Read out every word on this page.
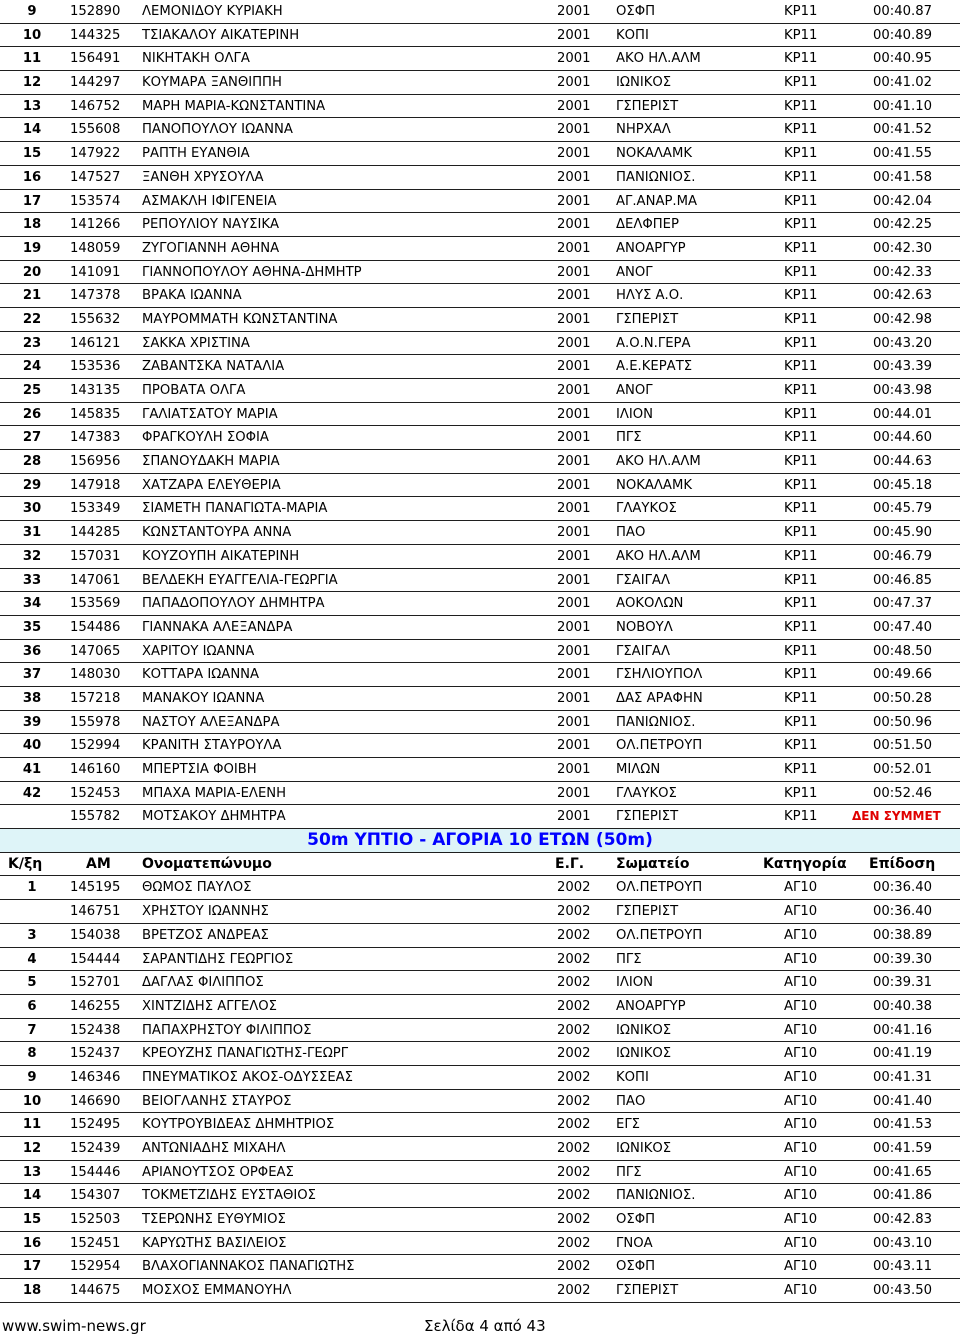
9	152890 ΛΕΜΟΝΙΔΟΥ ΚΥΡΙΑΚΗ	2001 ΟΣΦΠ	ΚΡ11	00:40.87
10 144325 ΤΣΙΑΚΑΛΟΥ ΑΙΚΑΤΕΡΙΝΗ	2001 ΚΟΠΙ	ΚΡ11	00:40.89
11 156491 ΝΙΚΗΤΑΚΗ ΟΛΓΑ	2001 ΑΚΟ ΗΛ.ΑΛΜ	ΚΡ11	00:40.95
12 144297 ΚΟΥΜΑΡΑ ΞΑΝΘΙΠΠΗ	2001 ΙΩΝΙΚΟΣ	ΚΡ11	00:41.02
13 146752 ΜΑΡΗ ΜΑΡΙΑ-ΚΩΝΣΤΑΝΤΙΝΑ	2001 ΓΣΠΕΡΙΣΤ	ΚΡ11	00:41.10
14 155608 ΠΑΝΟΠΟΥΛΟΥ ΙΩΑΝΝΑ	2001 ΝΗΡΧΑΛ	ΚΡ11	00:41.52
15 147922 ΡΑΠΤΗ ΕΥΑΝΘΙΑ	2001 ΝΟΚΑΛΑΜΚ	ΚΡ11	00:41.55
16 147527 ΞΑΝΘΗ ΧΡΥΣΟΥΛΑ	2001 ΠΑΝΙΩΝΙΟΣ.	ΚΡ11	00:41.58
17 153574 ΑΣΜΑΚΛΗ ΙΦΙΓΕΝΕΙΑ	2001 ΑΓ.ΑΝΑΡ.ΜΑ	ΚΡ11	00:42.04
18 141266 ΡΕΠΟΥΛΙΟΥ ΝΑΥΣΙΚΑ	2001 ΔΕΛΦΠΕΡ	ΚΡ11	00:42.25
19 148059 ΖΥΓΟΓΙΑΝΝΗ ΑΘΗΝΑ	2001 ΑΝΟΑΡΓΥΡ	ΚΡ11	00:42.30
20 141091 ΓΙΑΝΝΟΠΟΥΛΟΥ ΑΘΗΝΑ-ΔΗΜΗΤΡ	2001 ΑΝΟΓ	ΚΡ11	00:42.33
21 147378 ΒΡΑΚΑ ΙΩΑΝΝΑ	2001 ΗΛΥΣ Α.Ο.	ΚΡ11	00:42.63
22 155632 ΜΑΥΡΟΜΜΑΤΗ ΚΩΝΣΤΑΝΤΙΝΑ	2001 ΓΣΠΕΡΙΣΤ	ΚΡ11	00:42.98
23 146121 ΣΑΚΚΑ ΧΡΙΣΤΙΝΑ	2001 Α.Ο.Ν.ΓΕΡΑ	ΚΡ11	00:43.20
24 153536 ΖΑΒΑΝΤΣΚΑ ΝΑΤΑΛΙΑ	2001 Α.Ε.ΚΕΡΑΤΣ	ΚΡ11	00:43.39
25 143135 ΠΡΟΒΑΤΑ ΟΛΓΑ	2001 ΑΝΟΓ	ΚΡ11	00:43.98
26 145835 ΓΑΛΙΑΤΣΑΤΟΥ ΜΑΡΙΑ	2001 ΙΛΙΟΝ	ΚΡ11	00:44.01
27 147383 ΦΡΑΓΚΟΥΛΗ ΣΟΦΙΑ	2001 ΠΓΣ	ΚΡ11	00:44.60
28 156956 ΣΠΑΝΟΥΔΑΚΗ ΜΑΡΙΑ	2001 ΑΚΟ ΗΛ.ΑΛΜ	ΚΡ11	00:44.63
29 147918 ΧΑΤΖΑΡΑ ΕΛΕΥΘΕΡΙΑ	2001 ΝΟΚΑΛΑΜΚ	ΚΡ11	00:45.18
30 153349 ΣΙΑΜΕΤΗ ΠΑΝΑΓΙΩΤΑ-ΜΑΡΙΑ	2001 ΓΛΑΥΚΟΣ	ΚΡ11	00:45.79
31 144285 ΚΩΝΣΤΑΝΤΟΥΡΑ ΑΝΝΑ	2001 ΠΑΟ	ΚΡ11	00:45.90
32 157031 ΚΟΥΖΟΥΠΗ ΑΙΚΑΤΕΡΙΝΗ	2001 ΑΚΟ ΗΛ.ΑΛΜ	ΚΡ11	00:46.79
33 147061 ΒΕΛΔΕΚΗ ΕΥΑΓΓΕΛΙΑ-ΓΕΩΡΓΙΑ	2001 ΓΣΑΙΓΑΛ	ΚΡ11	00:46.85
34 153569 ΠΑΠΑΔΟΠΟΥΛΟΥ ΔΗΜΗΤΡΑ	2001 ΑΟΚΟΛΩΝ	ΚΡ11	00:47.37
35 154486 ΓΙΑΝΝΑΚΑ ΑΛΕΞΑΝΔΡΑ	2001 ΝΟΒΟΥΛ	ΚΡ11	00:47.40
36 147065 ΧΑΡΙΤΟΥ ΙΩΑΝΝΑ	2001 ΓΣΑΙΓΑΛ	ΚΡ11	00:48.50
37 148030 ΚΟΤΤΑΡΑ ΙΩΑΝΝΑ	2001 ΓΣΗΛΙΟΥΠΟΛ	ΚΡ11	00:49.66
38 157218 ΜΑΝΑΚΟΥ ΙΩΑΝΝΑ	2001 ΔΑΣ ΑΡΑΦΗΝ	ΚΡ11	00:50.28
39 155978 ΝΑΣΤΟΥ ΑΛΕΞΑΝΔΡΑ	2001 ΠΑΝΙΩΝΙΟΣ.	ΚΡ11	00:50.96
40 152994 ΚΡΑΝΙΤΗ ΣΤΑΥΡΟΥΛΑ	2001 ΟΛ.ΠΕΤΡΟΥΠ	ΚΡ11	00:51.50
41 146160 ΜΠΕΡΤΣΙΑ ΦΟΙΒΗ	2001 ΜΙΛΩΝ	ΚΡ11	00:52.01
42 152453 ΜΠΑΧΑ ΜΑΡΙΑ-ΕΛΕΝΗ	2001 ΓΛΑΥΚΟΣ	ΚΡ11	00:52.46
155782 ΜΟΤΣΑΚΟΥ ΔΗΜΗΤΡΑ	2001 ΓΣΠΕΡΙΣΤ	ΚΡ11	ΔΕΝ ΣΥΜΜΕΤ
50m ΥΠΤΙΟ - ΑΓΟΡΙΑ 10 ΕΤΩΝ (50m)
Κ/ξη	ΑΜ Ονοματεπώνυμο	Ε.Γ. Σωματείο	Κατηγορία Επίδοση
1	145195 ΘΩΜΟΣ ΠΑΥΛΟΣ	2002 ΟΛ.ΠΕΤΡΟΥΠ	ΑΓ10	00:36.40
146751 ΧΡΗΣΤΟΥ ΙΩΑΝΝΗΣ	2002 ΓΣΠΕΡΙΣΤ	ΑΓ10	00:36.40
3	154038 ΒΡΕΤΖΟΣ ΑΝΔΡΕΑΣ	2002 ΟΛ.ΠΕΤΡΟΥΠ	ΑΓ10	00:38.89
4	154444 ΣΑΡΑΝΤΙΔΗΣ ΓΕΩΡΓΙΟΣ	2002 ΠΓΣ	ΑΓ10	00:39.30
5	152701 ΔΑΓΛΑΣ ΦΙΛΙΠΠΟΣ	2002 ΙΛΙΟΝ	ΑΓ10	00:39.31
6	146255 ΧΙΝΤΖΙΔΗΣ ΑΓΓΕΛΟΣ	2002 ΑΝΟΑΡΓΥΡ	ΑΓ10	00:40.38
7	152438 ΠΑΠΑΧΡΗΣΤΟΥ ΦΙΛΙΠΠΟΣ	2002 ΙΩΝΙΚΟΣ	ΑΓ10	00:41.16
8	152437 ΚΡΕΟΥΖΗΣ ΠΑΝΑΓΙΩΤΗΣ-ΓΕΩΡΓ	2002 ΙΩΝΙΚΟΣ	ΑΓ10	00:41.19
9	146346 ΠΝΕΥΜΑΤΙΚΟΣ ΑΚΟΣ-ΟΔΥΣΣΕΑΣ	2002 ΚΟΠΙ	ΑΓ10	00:41.31
10 146690 ΒΕΙΟΓΛΑΝΗΣ ΣΤΑΥΡΟΣ	2002 ΠΑΟ	ΑΓ10	00:41.40
11 152495 ΚΟΥΤΡΟΥΒΙΔΕΑΣ ΔΗΜΗΤΡΙΟΣ	2002 ΕΓΣ	ΑΓ10	00:41.53
12 152439 ΑΝΤΩΝΙΑΔΗΣ ΜΙΧΑΗΛ	2002 ΙΩΝΙΚΟΣ	ΑΓ10	00:41.59
13 154446 ΑΡΙΑΝΟΥΤΣΟΣ ΟΡΦΕΑΣ	2002 ΠΓΣ	ΑΓ10	00:41.65
14 154307 ΤΟΚΜΕΤΖΙΔΗΣ ΕΥΣΤΑΘΙΟΣ	2002 ΠΑΝΙΩΝΙΟΣ.	ΑΓ10	00:41.86
15 152503 ΤΣΕΡΩΝΗΣ ΕΥΘΥΜΙΟΣ	2002 ΟΣΦΠ	ΑΓ10	00:42.83
16 152451 ΚΑΡΥΩΤΗΣ ΒΑΣΙΛΕΙΟΣ	2002 ΓΝΟΑ	ΑΓ10	00:43.10
17 152954 ΒΛΑΧΟΓΙΑΝΝΑΚΟΣ ΠΑΝΑΓΙΩΤΗΣ	2002 ΟΣΦΠ	ΑΓ10	00:43.11
18 144675 ΜΟΣΧΟΣ ΕΜΜΑΝΟΥΗΛ	2002 ΓΣΠΕΡΙΣΤ	ΑΓ10	00:43.50
www.swim-news.gr	Σελίδα 4 από 43
